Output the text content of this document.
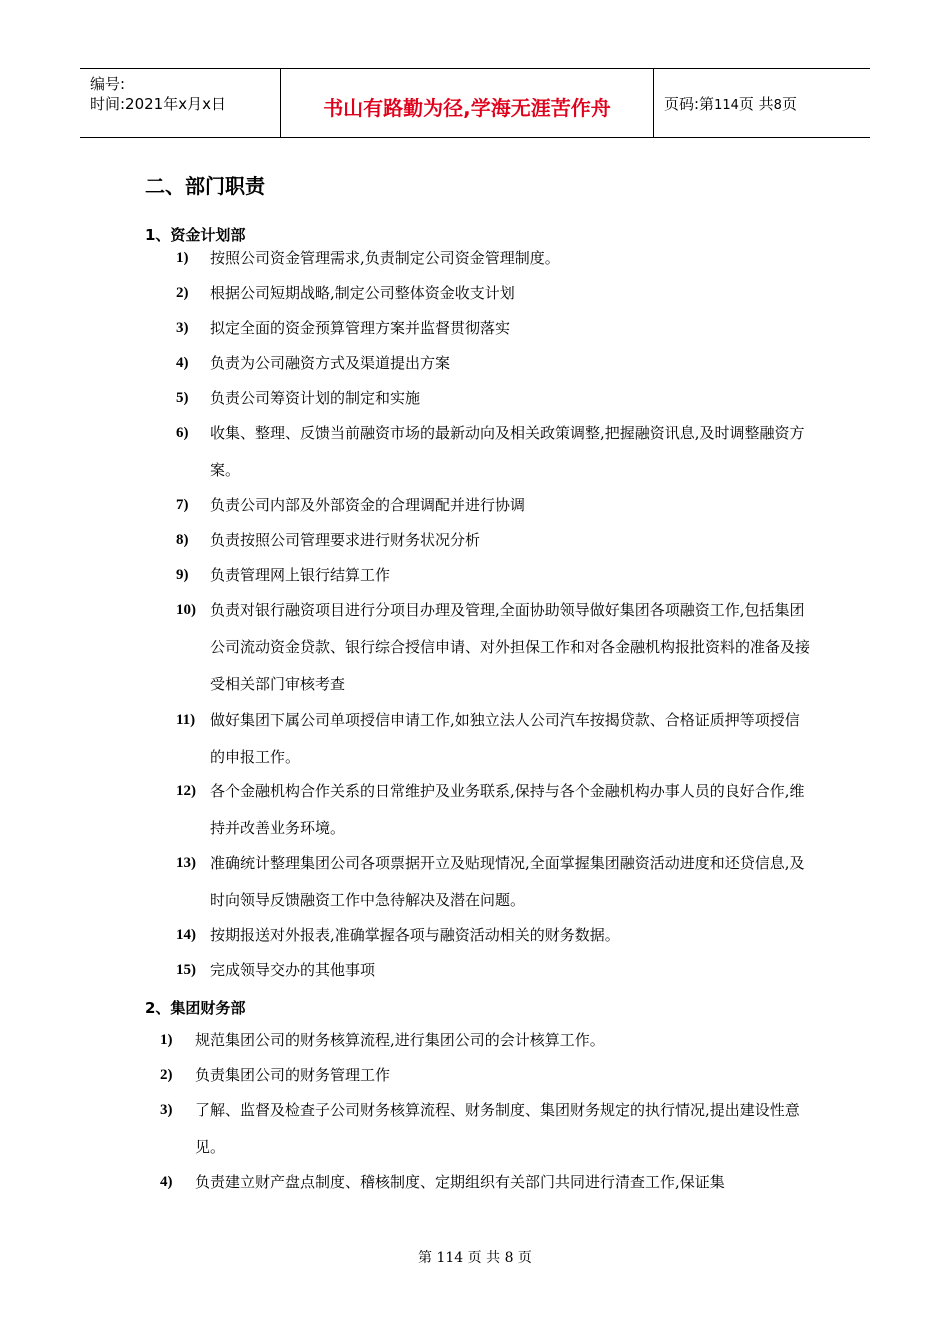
编号:
时间:2021年x月x日	书山有路勤为径,学海无涯苦作舟	页码:第114页 共8页
二、部门职责
1、资金计划部
1) 按照公司资金管理需求,负责制定公司资金管理制度。
2) 根据公司短期战略,制定公司整体资金收支计划
3) 拟定全面的资金预算管理方案并监督贯彻落实
4) 负责为公司融资方式及渠道提出方案
5) 负责公司筹资计划的制定和实施
6) 收集、整理、反馈当前融资市场的最新动向及相关政策调整,把握融资讯息,及时调整融资方案。
7) 负责公司内部及外部资金的合理调配并进行协调
8) 负责按照公司管理要求进行财务状况分析
9) 负责管理网上银行结算工作
10) 负责对银行融资项目进行分项目办理及管理,全面协助领导做好集团各项融资工作,包括集团公司流动资金贷款、银行综合授信申请、对外担保工作和对各金融机构报批资料的准备及接受相关部门审核考查
11) 做好集团下属公司单项授信申请工作,如独立法人公司汽车按揭贷款、合格证质押等项授信的申报工作。
12) 各个金融机构合作关系的日常维护及业务联系,保持与各个金融机构办事人员的良好合作,维持并改善业务环境。
13) 准确统计整理集团公司各项票据开立及贴现情况,全面掌握集团融资活动进度和还贷信息,及时向领导反馈融资工作中急待解决及潜在问题。
14) 按期报送对外报表,准确掌握各项与融资活动相关的财务数据。
15) 完成领导交办的其他事项
2、集团财务部
1) 规范集团公司的财务核算流程,进行集团公司的会计核算工作。
2) 负责集团公司的财务管理工作
3) 了解、监督及检查子公司财务核算流程、财务制度、集团财务规定的执行情况,提出建设性意见。
4) 负责建立财产盘点制度、稽核制度、定期组织有关部门共同进行清查工作,保证集
第 114 页 共 8 页
